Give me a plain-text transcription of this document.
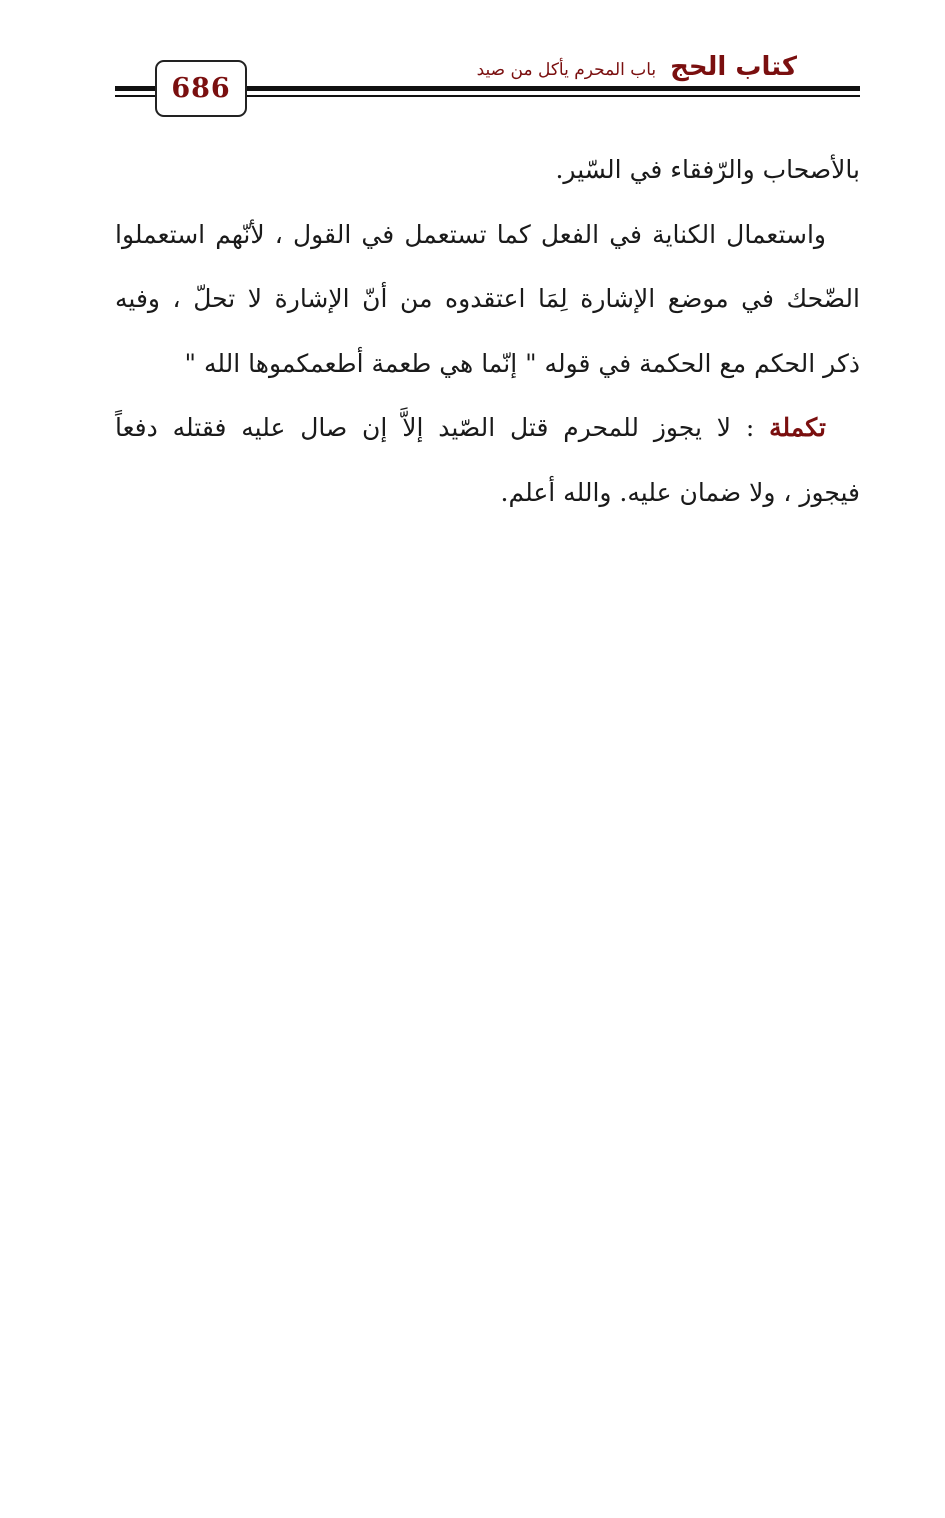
686
كتاب الحج
باب المحرم يأكل من صيد
بالأصحاب والرّفقاء في السّير.
واستعمال الكناية في الفعل كما تستعمل في القول ، لأنّهم استعملوا
الضّحك في موضع الإشارة لِمَا اعتقدوه من أنّ الإشارة لا تحلّ ، وفيه
ذكر الحكم مع الحكمة في قوله " إنّما هي طعمة أطعمكموها الله "
تكملة : لا يجوز للمحرم قتل الصّيد إلاَّ إن صال عليه فقتله دفعاً
فيجوز ، ولا ضمان عليه. والله أعلم.
